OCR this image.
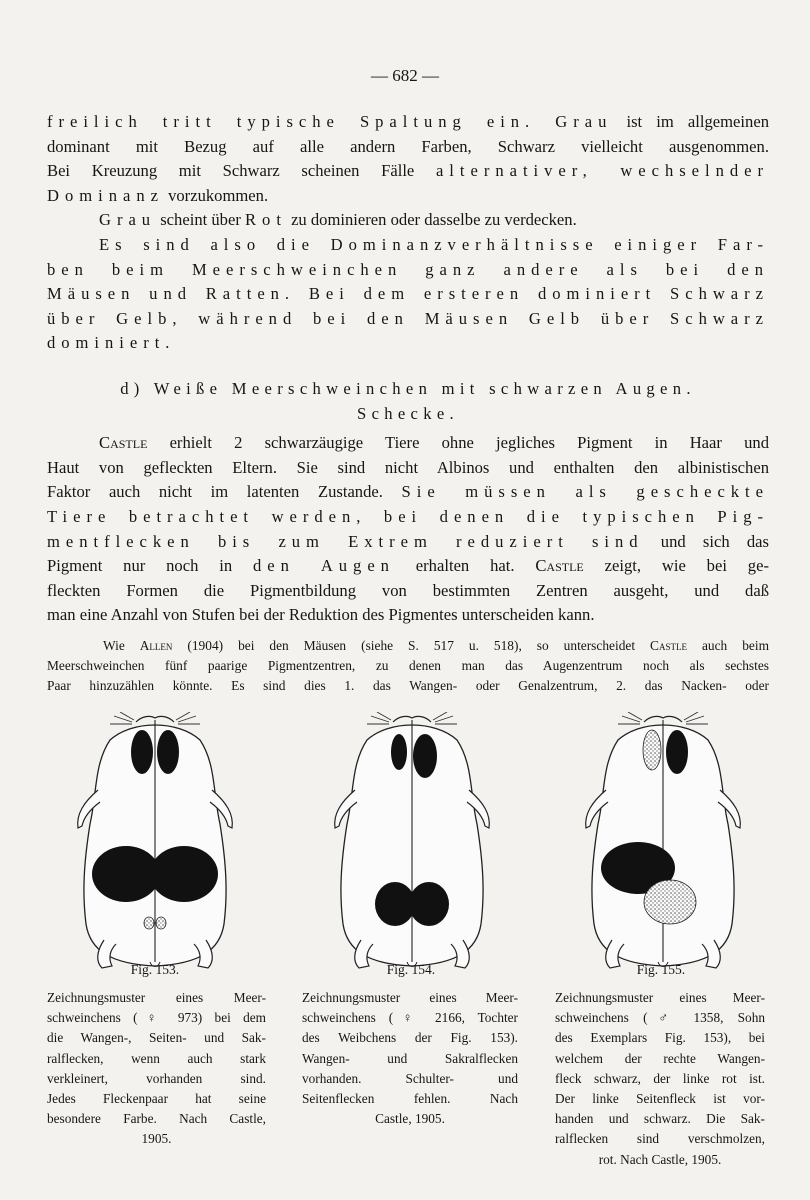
— 682 —

freilich tritt typische Spaltung ein. Grau ist im allgemeinen

dominant mit Bezug auf alle andern Farben, Schwarz vielleicht ausgenommen.

Bei Kreuzung mit Schwarz scheinen Fälle alternativer, wechselnder

Dominanz vorzukommen.

Grau scheint über Rot zu dominieren oder dasselbe zu verdecken.

Es sind also die Dominanzverhältnisse einiger Far-

ben beim Meerschweinchen ganz andere als bei den

Mäusen und Ratten. Bei dem ersteren dominiert Schwarz

über Gelb, während bei den Mäusen Gelb über Schwarz

dominiert.

d) Weiße Meerschweinchen mit schwarzen Augen.

Schecke.

Castle erhielt 2 schwarzäugige Tiere ohne jegliches Pigment in Haar und

Haut von gefleckten Eltern. Sie sind nicht Albinos und enthalten den albinistischen

Faktor auch nicht im latenten Zustande. Sie müssen als gescheckte

Tiere betrachtet werden, bei denen die typischen Pig-

mentflecken bis zum Extrem reduziert sind und sich das

Pigment nur noch in den Augen erhalten hat. Castle zeigt, wie bei ge-

fleckten Formen die Pigmentbildung von bestimmten Zentren ausgeht, und daß

man eine Anzahl von Stufen bei der Reduktion des Pigmentes unterscheiden kann.

Wie Allen (1904) bei den Mäusen (siehe S. 517 u. 518), so unterscheidet Castle auch beim

Meerschweinchen fünf paarige Pigmentzentren, zu denen man das Augenzentrum noch als sechstes

Paar hinzuzählen könnte. Es sind dies 1. das Wangen- oder Genalzentrum, 2. das Nacken- oder

Fig. 153.
Zeichnungsmuster eines Meer-
schweinchens (♀ 973) bei dem
die Wangen-, Seiten- und Sak-
ralflecken, wenn auch stark
verkleinert, vorhanden sind.
Jedes Fleckenpaar hat seine
besondere Farbe. Nach Castle,
1905.
Fig. 154.
Zeichnungsmuster eines Meer-
schweinchens (♀ 2166, Tochter
des Weibchens der Fig. 153).
Wangen- und Sakralflecken
vorhanden. Schulter- und
Seitenflecken fehlen. Nach
Castle, 1905.
Fig. 155.
Zeichnungsmuster eines Meer-
schweinchens (♂ 1358, Sohn
des Exemplars Fig. 153), bei
welchem der rechte Wangen-
fleck schwarz, der linke rot ist.
Der linke Seitenfleck ist vor-
handen und schwarz. Die Sak-
ralflecken sind verschmolzen,
rot. Nach Castle, 1905.
